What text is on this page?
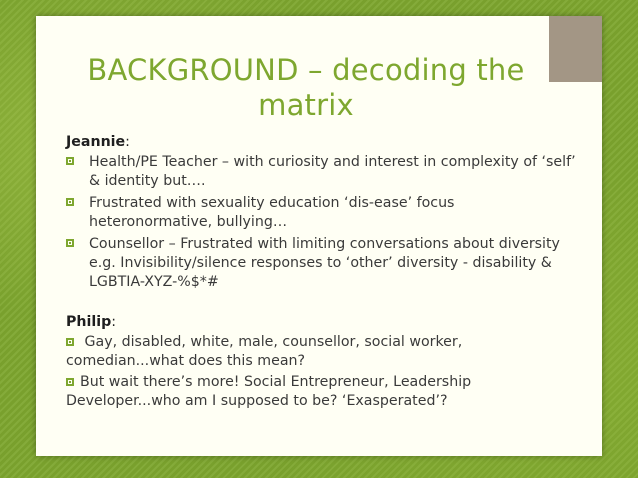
BACKGROUND – decoding the
matrix
Jeannie:
Health/PE Teacher – with curiosity and interest in complexity of ‘self’ & identity but….
Frustrated with sexuality education ‘dis-ease’ focus heteronormative, bullying…
Counsellor – Frustrated with limiting conversations about diversity e.g. Invisibility/silence responses to ‘other’ diversity - disability & LGBTIA-XYZ-%$*#
Philip:

Gay, disabled, white, male, counsellor, social worker, comedian...what does this mean?

But wait there’s more! Social Entrepreneur, Leadership Developer...who am I supposed to be? ‘Exasperated’?
